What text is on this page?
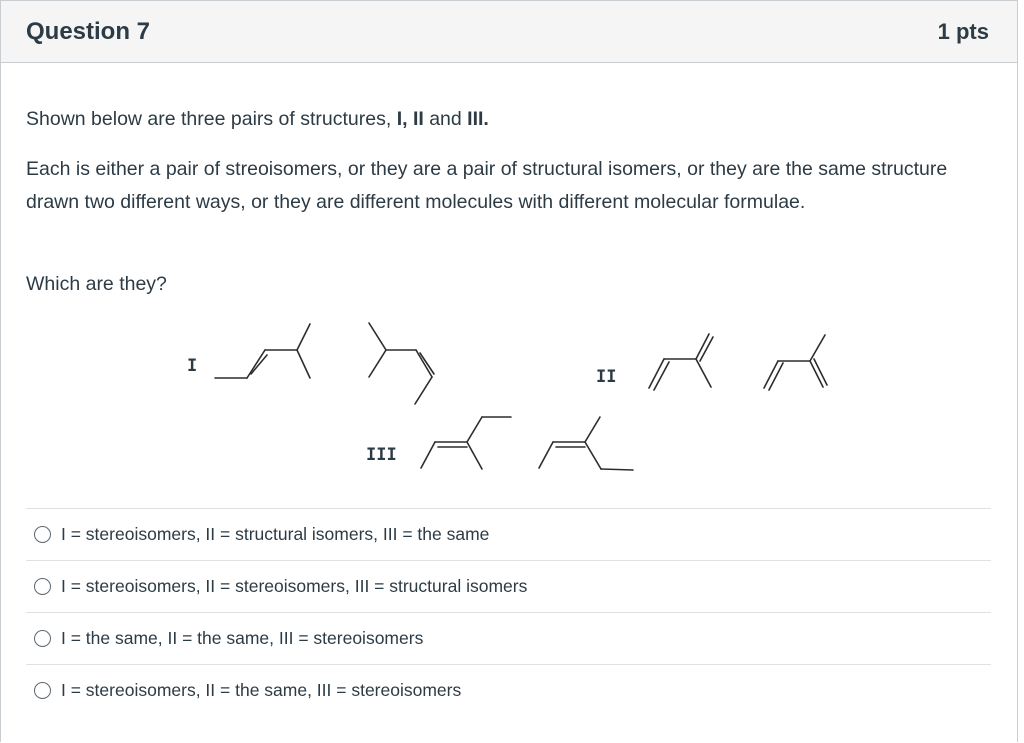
Question 7	1 pts

Shown below are three pairs of structures, I, II and III.

Each is either a pair of streoisomers, or they are a pair of structural isomers, or they are the same structure drawn two different ways, or they are different molecules with different molecular formulae.

Which are they?

I
II
III
I = stereoisomers, II = structural isomers, III = the same
I = stereoisomers, II = stereoisomers, III = structural isomers
I = the same, II = the same, III = stereoisomers
I = stereoisomers, II = the same, III = stereoisomers
